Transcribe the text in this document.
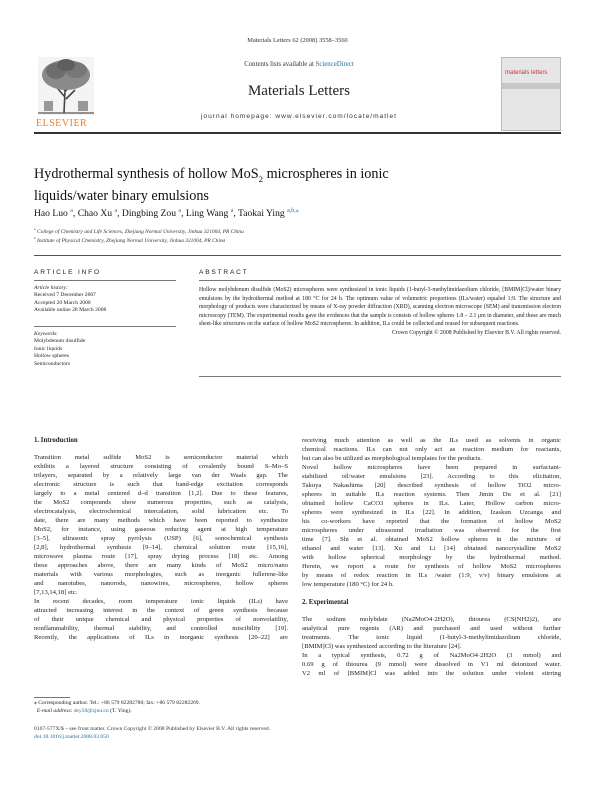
Materials Letters 62 (2008) 3558–3560
ELSEVIER
Contents lists available at ScienceDirect
Materials Letters
journal homepage: www.elsevier.com/locate/matlet
materials letters
Hydrothermal synthesis of hollow MoS$_2$ microspheres in ionic
liquids/water binary emulsions
Hao Luo $^a$, Chao Xu $^a$, Dingbing Zou $^a$, Ling Wang $^a$, Taokai Ying $^{a,b,⁎}$
$^a$ College of Chemistry and Life Sciences, Zhejiang Normal University, Jinhua 321004, PR China
$^b$ Institute of Physical Chemistry, Zhejiang Normal University, Jinhua 321004, PR China
ARTICLE INFO
Article history:
Received 7 December 2007
Accepted 20 March 2008
Available online 28 March 2008
Keywords:
Molybdenum disulfide
Ionic liquids
Hollow spheres
Semiconductors
ABSTRACT
Hollow molybdenum disulfide (MoS2) microspheres were synthesized in ionic liquids (1-butyl-3-methylimidazolium chloride, [BMIM]Cl)/water binary emulsions by the hydrothermal method at 180 °C for 24 h. The optimum value of volumetric proportions (ILs/water) equaled 1:9. The structure and morphology of products were characterized by means of X-ray powder diffraction (XRD), scanning electron microscope (SEM) and transmission electron microscopy (TEM). The experimental results gave the evidences that the sample is consists of hollow spheres 1.8 – 2.1 μm in diameter, and these are much sheet-like structures on the surface of hollow MoS2 microspheres. In addition, ILs could be collected and reused for subsequent reactions.
Crown Copyright © 2008 Published by Elsevier B.V. All rights reserved.
1. Introduction
Transition metal sulfide MoS2 is semiconductor material which
exhibits a layered structure consisting of covalently bound S–Mo–S
trilayers, separated by a relatively large van der Waals gap. The
electronic structure is such that band-edge excitation corresponds
largely to a metal centered d–d transition [1,2]. Due to these features,
the MoS2 compounds show numerous properties, such as catalysis,
electrocatalysis, electrochemical intercalation, solid lubrication etc. To
date, there are many methods which have been reported to synthesize
MoS2, for instance, using gaseous reducing agent at high temperature
[3–5], ultrasonic spray pyrolysis (USP) [6], sonochemical synthesis
[2,8], hydrothermal synthesis [9–14], chemical solution route [15,16],
microwave plasma route [17], spray drying process [18] etc. Among
these approaches above, there are many kinds of MoS2 micro/nano
materials with various morphologies, such as inorganic fullerene-like
and nanotubes, nanorods, nanowires, microspheres, hollow spheres
[7,13,14,18] etc.
In recent decades, room temperature ionic liquids (ILs) have
attracted increasing interest in the context of green synthesis because
of their unique chemical and physical properties of nonvolatility,
nonflammability, thermal stability, and controlled miscibility [19].
Recently, the applications of ILs in inorganic synthesis [20–22] are
receiving much attention as well as the ILs used as solvents in organic
chemical reactions. ILs can not only act as reaction medium for reactants,
but can also be utilized as morphological templates for the products.
Novel hollow microspheres have been prepared in surfactant-
stabilized oil/water emulsions [23]. According to this elicitation,
Takuya Nakashima [20] described synthesis of hollow TiO2 micro-
spheres in suitable ILs reaction systems. Then Jimin Du et al. [21]
obtained hollow CaCO3 spheres in ILs. Later, Hollow carbon micro-
spheres were synthesized in ILs [22]. In addition, Izaskun Uzcanga and
his co-workers have reported that the formation of hollow MoS2
microspheres under ultrasound irradiation was observed for the first
time [7]. Shi et al. obtained MoS2 hollow spheres in the mixture of
ethanol and water [13]. Xu and Li [14] obtained nanocrystalline MoS2
with hollow spherical morphology by the hydrothermal method.
Herein, we report a route for synthesis of hollow MoS2 microspheres
by means of redox reaction in ILs /water (1:9, v/v) binary emulsions at
low temperature (180 °C) for 24 h.
2. Experimental
The sodium molybdate (Na2MoO4·2H2O), thiourea (CS(NH2)2), are
analytical pure regents (AR) and purchased and used without further
treatments. The ionic liquid (1-butyl-3-methylimidazolium chloride,
[BMIM]Cl) was synthesized according to the literature [24].
In a typical synthesis, 0.72 g of Na2MoO4·2H2O (3 mmol) and
0.69 g of thiourea (9 mmol) were dissolved in V1 ml deionized water.
V2 ml of [BMIM]Cl was added into the solution under violent stirring
⁎ Corresponding author. Tel.: +86 579 82282780; fax: +86 579 82282269.
E-mail address: sky50@zjnu.cn (T. Ying).
0167-577X/$ – see front matter. Crown Copyright © 2008 Published by Elsevier B.V. All rights reserved.
doi:10.1016/j.matlet.2008.03.050
